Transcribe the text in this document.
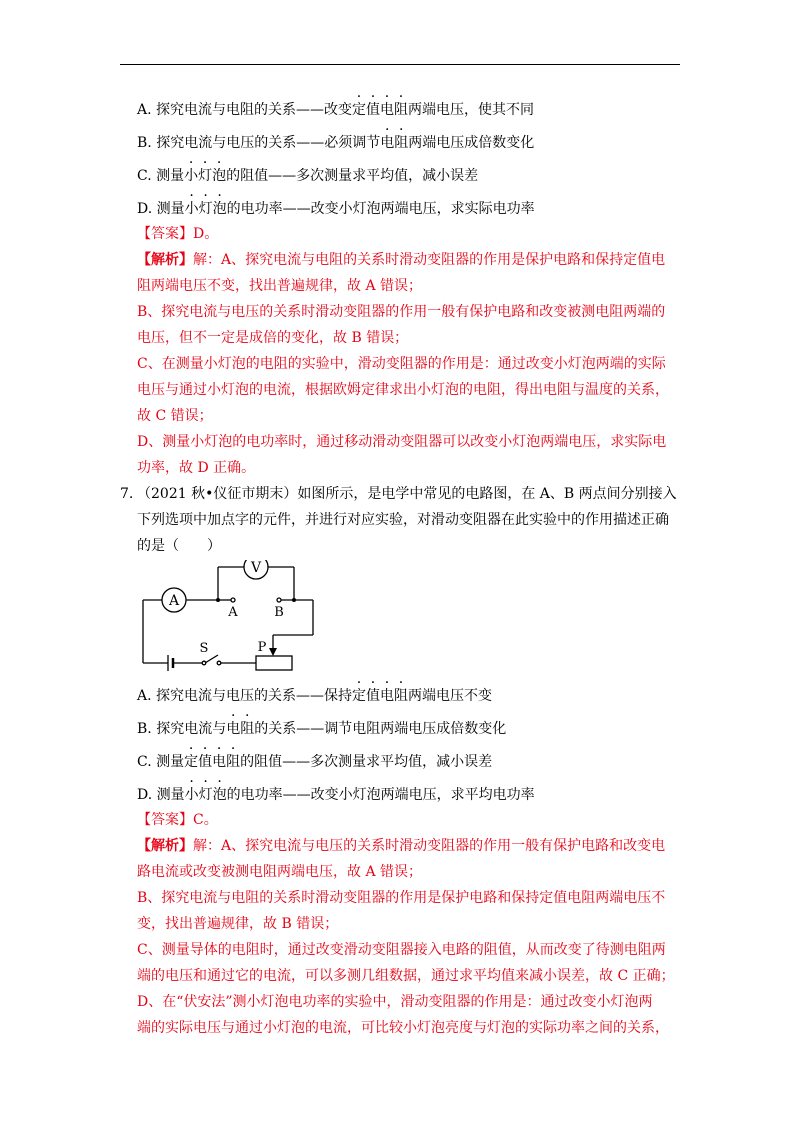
A. 探究电流与电阻的关系——改变定值电阻两端电压，使其不同
B. 探究电流与电压的关系——必须调节电阻两端电压成倍数变化
C. 测量小灯泡的阻值——多次测量求平均值，减小误差
D. 测量小灯泡的电功率——改变小灯泡两端电压，求实际电功率
【答案】D。
【解析】解：A、探究电流与电阻的关系时滑动变阻器的作用是保护电路和保持定值电
阻两端电压不变，找出普遍规律，故 A 错误；
B、探究电流与电压的关系时滑动变阻器的作用一般有保护电路和改变被测电阻两端的
电压，但不一定是成倍的变化，故 B 错误；
C、在测量小灯泡的电阻的实验中，滑动变阻器的作用是：通过改变小灯泡两端的实际
电压与通过小灯泡的电流，根据欧姆定律求出小灯泡的电阻，得出电阻与温度的关系，
故 C 错误；
D、测量小灯泡的电功率时，通过移动滑动变阻器可以改变小灯泡两端电压，求实际电
功率，故 D 正确。
7. （2021 秋•仪征市期末）如图所示，是电学中常见的电路图，在 A、B 两点间分别接入
下列选项中加点字的元件，并进行对应实验，对滑动变阻器在此实验中的作用描述正确
的是（　　）
A
V
A	B
S	P
A. 探究电流与电压的关系——保持定值电阻两端电压不变
B. 探究电流与电阻的关系——调节电阻两端电压成倍数变化
C. 测量定值电阻的阻值——多次测量求平均值，减小误差
D. 测量小灯泡的电功率——改变小灯泡两端电压，求平均电功率
【答案】C。
【解析】解：A、探究电流与电压的关系时滑动变阻器的作用一般有保护电路和改变电
路电流或改变被测电阻两端电压，故 A 错误；
B、探究电流与电阻的关系时滑动变阻器的作用是保护电路和保持定值电阻两端电压不
变，找出普遍规律，故 B 错误；
C、测量导体的电阻时，通过改变滑动变阻器接入电路的阻值，从而改变了待测电阻两
端的电压和通过它的电流，可以多测几组数据，通过求平均值来减小误差，故 C 正确；
D、在“伏安法”测小灯泡电功率的实验中，滑动变阻器的作用是：通过改变小灯泡两
端的实际电压与通过小灯泡的电流，可比较小灯泡亮度与灯泡的实际功率之间的关系，
